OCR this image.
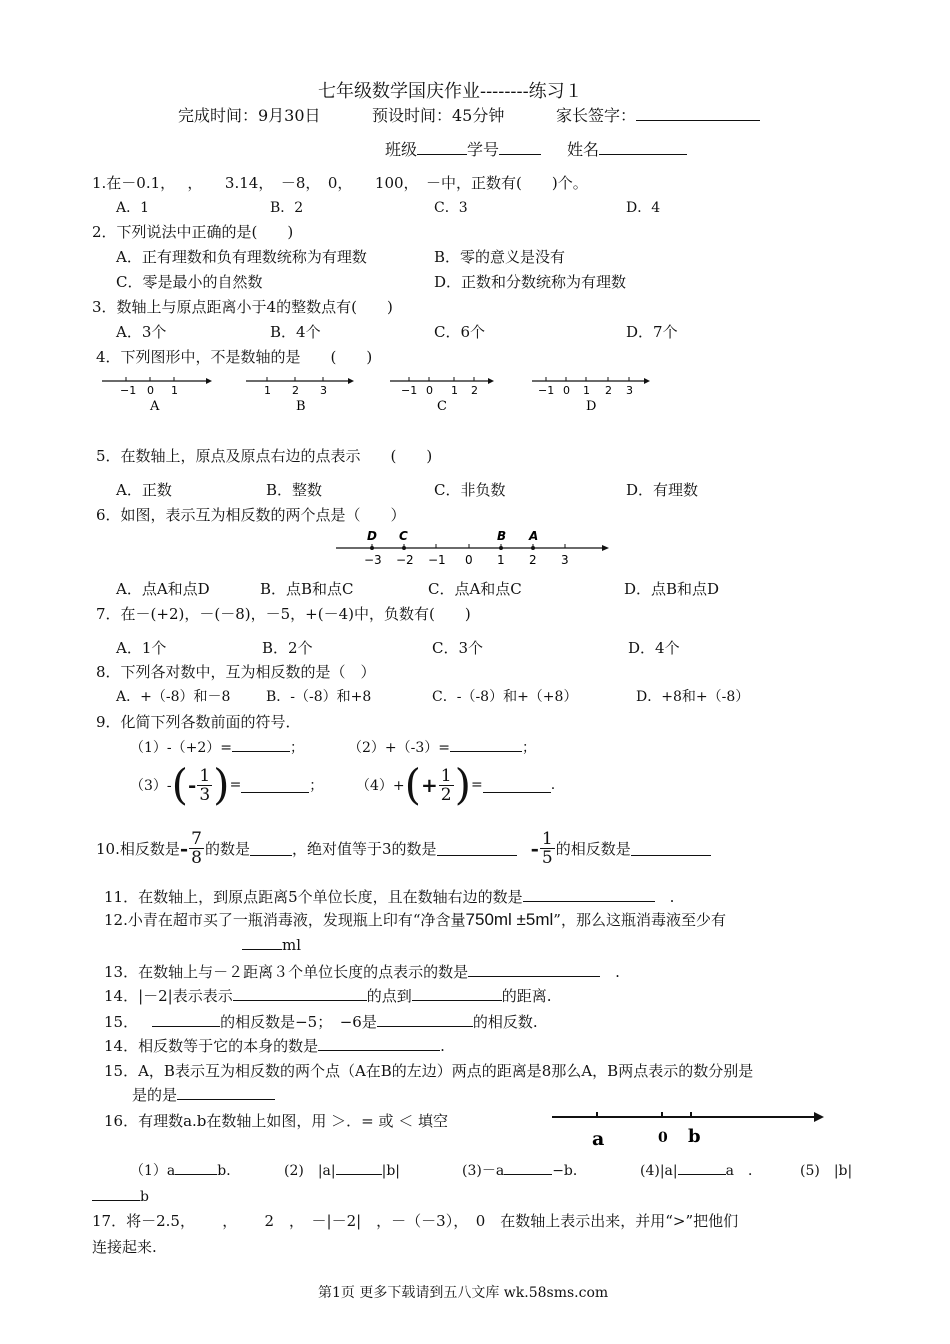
七年级数学国庆作业--------练习１
完成时间：9月30日	预设时间：45分钟	家长签字：
班级	学号	姓名
1.在－0.1，　 ，　　3.14，　－8，　0，　　100，　－中，正数有(　　)个。
A．1	B．2	C．3	D．4
2．下列说法中正确的是(　　)
A．正有理数和负有理数统称为有理数	B．零的意义是没有
C．零是最小的自然数	D．正数和分数统称为有理数
3．数轴上与原点距离小于4的整数点有(　　)
A．3个	B．4个	C．6个	D．7个
4．下列图形中，不是数轴的是　　(　　)
−1 0 1
A
1 2 3
B
−1 0 1 2
C
−1 0 1 2 3
D
5．在数轴上，原点及原点右边的点表示　　(　　)
A．正数	B．整数	C．非负数	D．有理数
6．如图，表示互为相反数的两个点是（　　）
D C	B A
−3 −2 −1 0 1 2 3
A．点A和点D	B．点B和点C	C．点A和点C	D．点B和点D
7．在－(+2)，－(－8)，－5，+(－4)中，负数有(　　)
A．1个	B．2个	C．3个	D．4个
8．下列各对数中，互为相反数的是（　）
A．+（-8）和－8	B．-（-8）和+8	C．-（-8）和+（+8）	D．+8和+（-8）
9．化简下列各数前面的符号．
（1）-（+2）=	；	（2）+（-3）=	；
$(3)-(- \frac{1}{3}$ )=	； $(4)+(+ \frac{1}{2}$ )=	.
10.相反数是- $\frac{7}{8}$ 的数是	，绝对值等于3的数是	- $\frac{1}{5}$ 的相反数是
11．在数轴上，到原点距离5个单位长度，且在数轴右边的数是	　.
12.小青在超市买了一瓶消毒液，发现瓶上印有“净含量750ml ±5ml”，那么这瓶消毒液至少有
ml
13．在数轴上与－２距离３个单位长度的点表示的数是	　.
14．|－2|表示表示	的点到	的距离.
15．	的相反数是−5；　−6是	的相反数.
14．相反数等于它的本身的数是	.
15．A，B表示互为相反数的两个点（A在B的左边）两点的距离是8那么A，B两点表示的数分别是
是的是
16．有理数a.b在数轴上如图，用 ＞．= 或 ＜ 填空
a	0 b
（1）a	b．	(2)　|a|	|b|	(3)－a	−b．	(4)|a|	a　．	(5)　|b|
b
17．将－2.5，　　 ，　　 2　，　－|－2|　，－（－3），　0　在数轴上表示出来，并用“>”把他们
连接起来.
第1页 更多下载请到五八文库 wk.58sms.com
